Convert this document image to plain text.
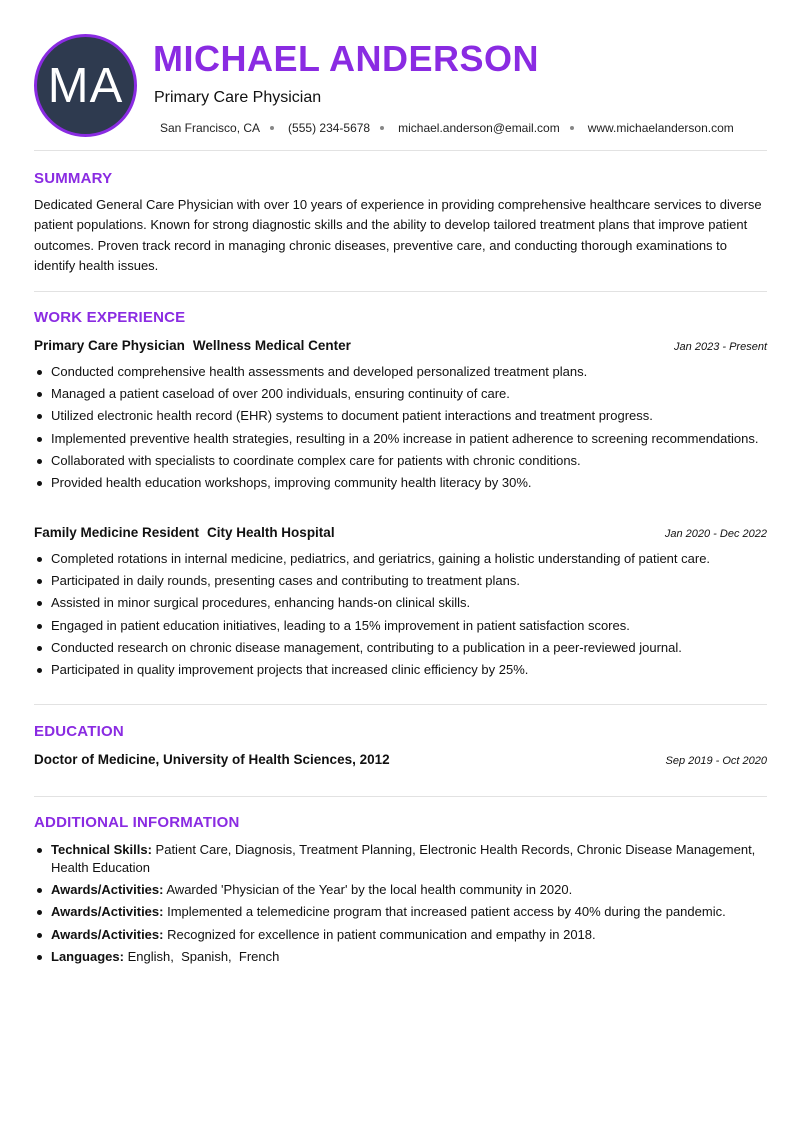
MA MICHAEL ANDERSON
Primary Care Physician
San Francisco, CA (555) 234-5678 michael.anderson@email.com www.michaelanderson.com
SUMMARY
Dedicated General Care Physician with over 10 years of experience in providing comprehensive healthcare services to diverse patient populations. Known for strong diagnostic skills and the ability to develop tailored treatment plans that improve patient outcomes. Proven track record in managing chronic diseases, preventive care, and conducting thorough examinations to identify health issues.
WORK EXPERIENCE
Primary Care Physician Wellness Medical Center	Jan 2023 - Present
Conducted comprehensive health assessments and developed personalized treatment plans.
Managed a patient caseload of over 200 individuals, ensuring continuity of care.
Utilized electronic health record (EHR) systems to document patient interactions and treatment progress.
Implemented preventive health strategies, resulting in a 20% increase in patient adherence to screening recommendations.
Collaborated with specialists to coordinate complex care for patients with chronic conditions.
Provided health education workshops, improving community health literacy by 30%.
Family Medicine Resident City Health Hospital	Jan 2020 - Dec 2022
Completed rotations in internal medicine, pediatrics, and geriatrics, gaining a holistic understanding of patient care.
Participated in daily rounds, presenting cases and contributing to treatment plans.
Assisted in minor surgical procedures, enhancing hands-on clinical skills.
Engaged in patient education initiatives, leading to a 15% improvement in patient satisfaction scores.
Conducted research on chronic disease management, contributing to a publication in a peer-reviewed journal.
Participated in quality improvement projects that increased clinic efficiency by 25%.
EDUCATION
Doctor of Medicine, University of Health Sciences, 2012	Sep 2019 - Oct 2020
ADDITIONAL INFORMATION
Technical Skills: Patient Care, Diagnosis, Treatment Planning, Electronic Health Records, Chronic Disease Management, Health Education
Awards/Activities: Awarded 'Physician of the Year' by the local health community in 2020.
Awards/Activities: Implemented a telemedicine program that increased patient access by 40% during the pandemic.
Awards/Activities: Recognized for excellence in patient communication and empathy in 2018.
Languages: English,  Spanish,  French
